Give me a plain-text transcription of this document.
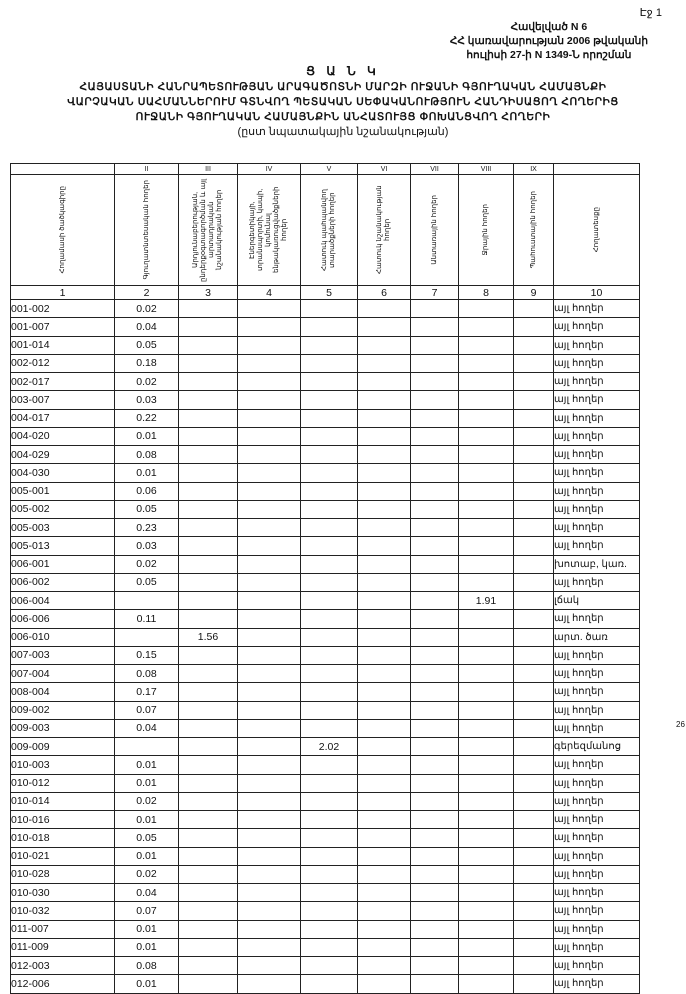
Էջ 1
Հավելված N 6
ՀՀ կառավարության 2006 թվականի
հուլիսի 27-ի N 1349-Ն որոշման
Ց Ա Ն Կ
ՀԱՅԱՍՏԱՆԻ ՀԱՆՐԱՊԵՏՈՒԹՅԱՆ ԱՐԱԳԱԾՈՏՆԻ ՄԱՐԶԻ ՈՒՋԱՆԻ ԳՅՈՒՂԱԿԱՆ ՀԱՄԱՅՆՔԻ
ՎԱՐՉԱԿԱՆ ՍԱՀՄԱՆՆԵՐՈՒՄ ԳՏՆՎՈՂ ՊԵՏԱԿԱՆ ՍԵՓԱԿԱՆՈՒԹՅՈՒՆ ՀԱՆԴԻՍԱՑՈՂ ՀՈՂԵՐԻՑ
ՈՒՋԱՆԻ ԳՅՈՒՂԱԿԱՆ ՀԱՄԱՅՆՔԻՆ ԱՆՀԱՏՈՒՅՑ ՓՈԽԱՆՑՎՈՂ ՀՈՂԵՐԻ
(ըստ նպատակային նշանակության)
26
	II	III	IV	V	VI	VII	VIII	IX	

Հողամասի ծածկագիրը	Գյուղատնտեսական հողեր	Արդյունաբերության, ընդերքօգտագործման և այլ արտադրական նշանակության հողեր	Էներգետիկայի, տրանսպորտի, կապի, կոմունալ ենթակառուցվածքների հողեր	Հատուկ պահպանվող տարածքների հողեր	Հատուկ նշանակության հողեր	Անտառային հողեր	Ջրային հողեր	Պահուստային հողեր	Հողատեսքը

1	2	3	4	5	6	7	8	9	10
001-002	0.02								այլ հողեր
001-007	0.04								այլ հողեր
001-014	0.05								այլ հողեր
002-012	0.18								այլ հողեր
002-017	0.02								այլ հողեր
003-007	0.03								այլ հողեր
004-017	0.22								այլ հողեր
004-020	0.01								այլ հողեր
004-029	0.08								այլ հողեր
004-030	0.01								այլ հողեր
005-001	0.06								այլ հողեր
005-002	0.05								այլ հողեր
005-003	0.23								այլ հողեր
005-013	0.03								այլ հողեր
006-001	0.02								խոտաբ, կառ.
006-002	0.05								այլ հողեր
006-004							1.91		լճակ
006-006	0.11								այլ հողեր
006-010		1.56							արտ. ծառ
007-003	0.15								այլ հողեր
007-004	0.08								այլ հողեր
008-004	0.17								այլ հողեր
009-002	0.07								այլ հողեր
009-003	0.04								այլ հողեր
009-009				2.02					գերեզմանոց
010-003	0.01								այլ հողեր
010-012	0.01								այլ հողեր
010-014	0.02								այլ հողեր
010-016	0.01								այլ հողեր
010-018	0.05								այլ հողեր
010-021	0.01								այլ հողեր
010-028	0.02								այլ հողեր
010-030	0.04								այլ հողեր
010-032	0.07								այլ հողեր
011-007	0.01								այլ հողեր
011-009	0.01								այլ հողեր
012-003	0.08								այլ հողեր
012-006	0.01								այլ հողեր
